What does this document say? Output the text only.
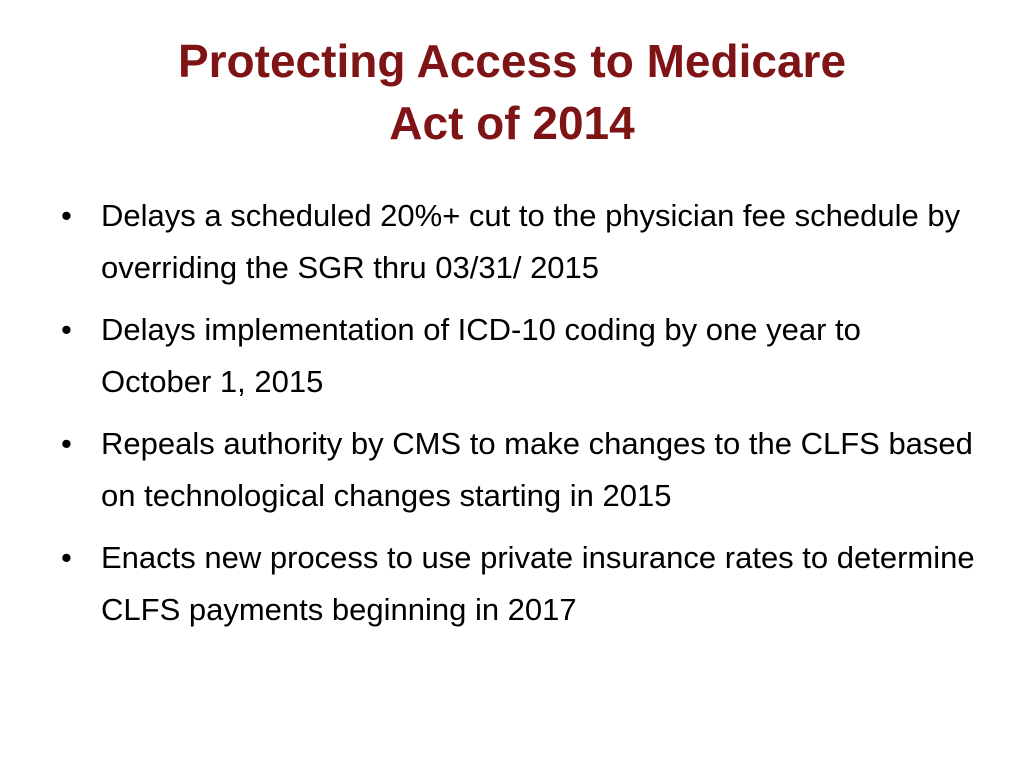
Protecting Access to Medicare
Act of 2014
• Delays a scheduled 20%+ cut to the physician fee schedule by overriding the SGR thru 03/31/ 2015
• Delays implementation of ICD-10 coding by one year to October 1, 2015
• Repeals authority by CMS to make changes to the CLFS based on technological changes starting in 2015
• Enacts new process to use private insurance rates to determine CLFS payments beginning in 2017
